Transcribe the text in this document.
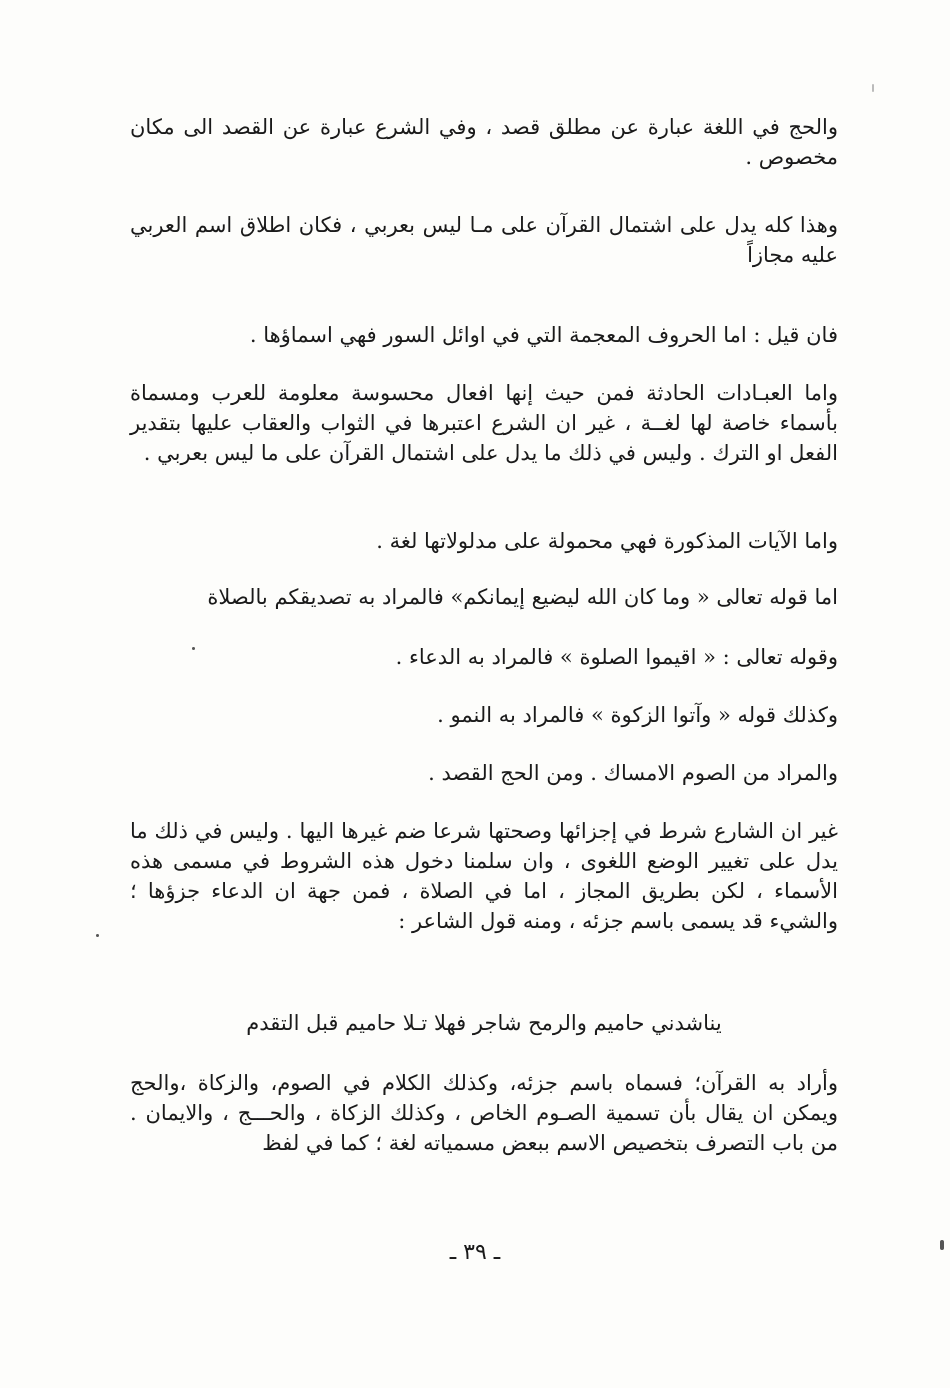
والحج في اللغة عبارة عن مطلق قصد ، وفي الشرع عبارة عن القصد الى مكان مخصوص .
وهذا كله يدل على اشتمال القرآن على مـا ليس بعربي ، فكان اطلاق اسم العربي عليه مجازاً
فان قيل : اما الحروف المعجمة التي في اوائل السور فهي اسماؤها .
واما العبـادات الحادثة فمن حيث إنها افعال محسوسة معلومة للعرب ومسماة بأسماء خاصة لها لغــة ، غير ان الشرع اعتبرها في الثواب والعقاب عليها بتقدير الفعل او الترك . وليس في ذلك ما يدل على اشتمال القرآن على ما ليس بعربي .
واما الآيات المذكورة فهي محمولة على مدلولاتها لغة .
اما قوله تعالى « وما كان الله ليضيع إيمانكم» فالمراد به تصديقكم بالصلاة
وقوله تعالى : « اقيموا الصلوة » فالمراد به الدعاء .
وكذلك قوله « وآتوا الزكوة » فالمراد به النمو .
والمراد من الصوم الامساك . ومن الحج القصد .
غير ان الشارع شرط في إجزائها وصحتها شرعا ضم غيرها اليها . وليس في ذلك ما يدل على تغيير الوضع اللغوى ، وان سلمنا دخول هذه الشروط في مسمى هذه الأسماء ، لكن بطريق المجاز ، اما في الصلاة ، فمن جهة ان الدعاء جزؤها ؛ والشيء قد يسمى باسم جزئه ، ومنه قول الشاعر :
يناشدني حاميم والرمح شاجر فهلا تـلا حاميم قبل التقدم
وأراد به القرآن؛ فسماه باسم جزئه، وكذلك الكلام في الصوم، والزكاة ،والحج ويمكن ان يقال بأن تسمية الصـوم الخاص ، وكذلك الزكاة ، والحـــج ، والايمان . من باب التصرف بتخصيص الاسم ببعض مسمياته لغة ؛ كما في لفظ
ـ ٣٩ ـ
